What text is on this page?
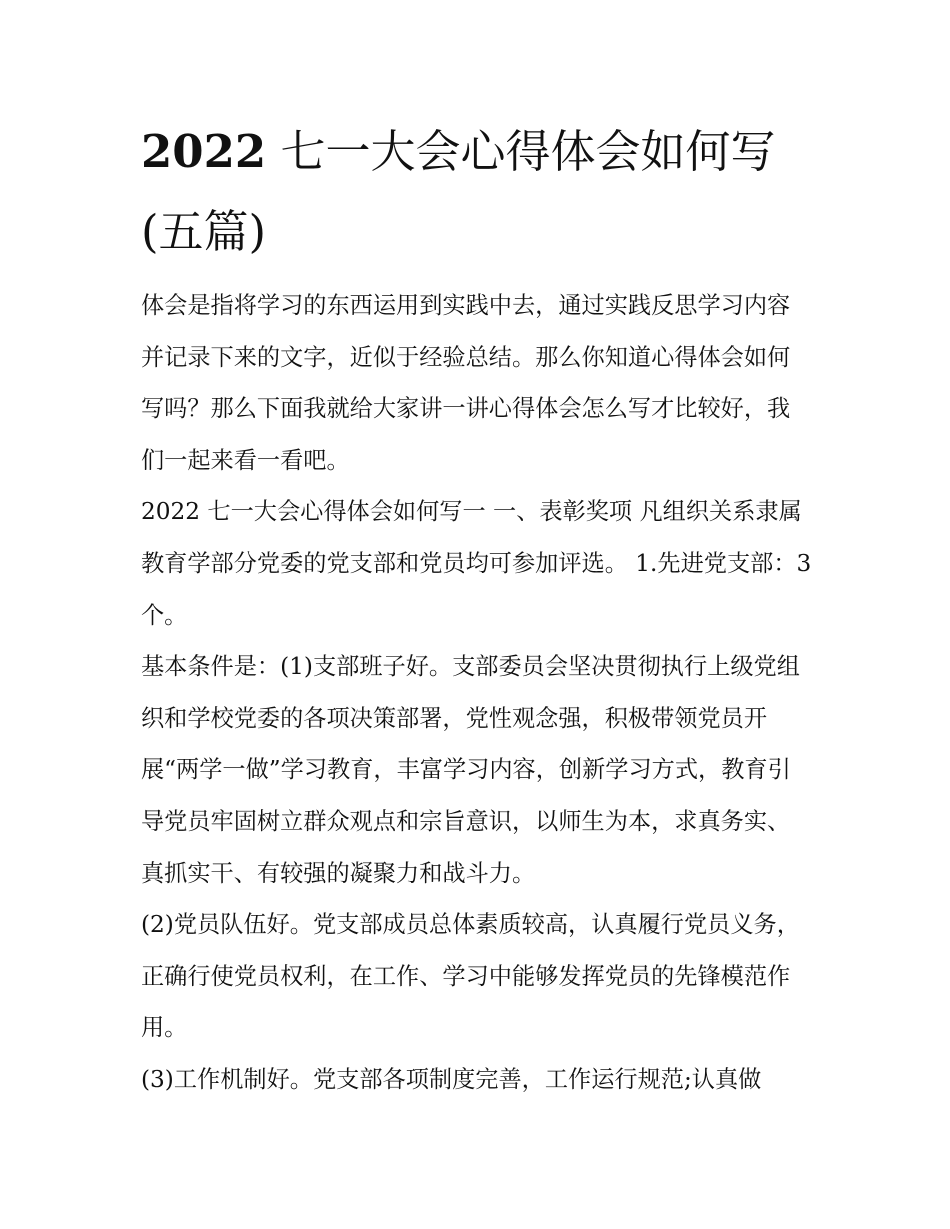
2022 七一大会心得体会如何写(五篇)

体会是指将学习的东西运用到实践中去，通过实践反思学习内容并记录下来的文字，近似于经验总结。那么你知道心得体会如何写吗？那么下面我就给大家讲一讲心得体会怎么写才比较好，我们一起来看一看吧。

2022 七一大会心得体会如何写一 一、表彰奖项 凡组织关系隶属教育学部分党委的党支部和党员均可参加评选。 1.先进党支部：3 个。

基本条件是：(1)支部班子好。支部委员会坚决贯彻执行上级党组织和学校党委的各项决策部署，党性观念强，积极带领党员开展“两学一做”学习教育，丰富学习内容，创新学习方式，教育引导党员牢固树立群众观点和宗旨意识，以师生为本，求真务实、真抓实干、有较强的凝聚力和战斗力。

(2)党员队伍好。党支部成员总体素质较高，认真履行党员义务，正确行使党员权利，在工作、学习中能够发挥党员的先锋模范作用。

(3)工作机制好。党支部各项制度完善，工作运行规范;认真做
